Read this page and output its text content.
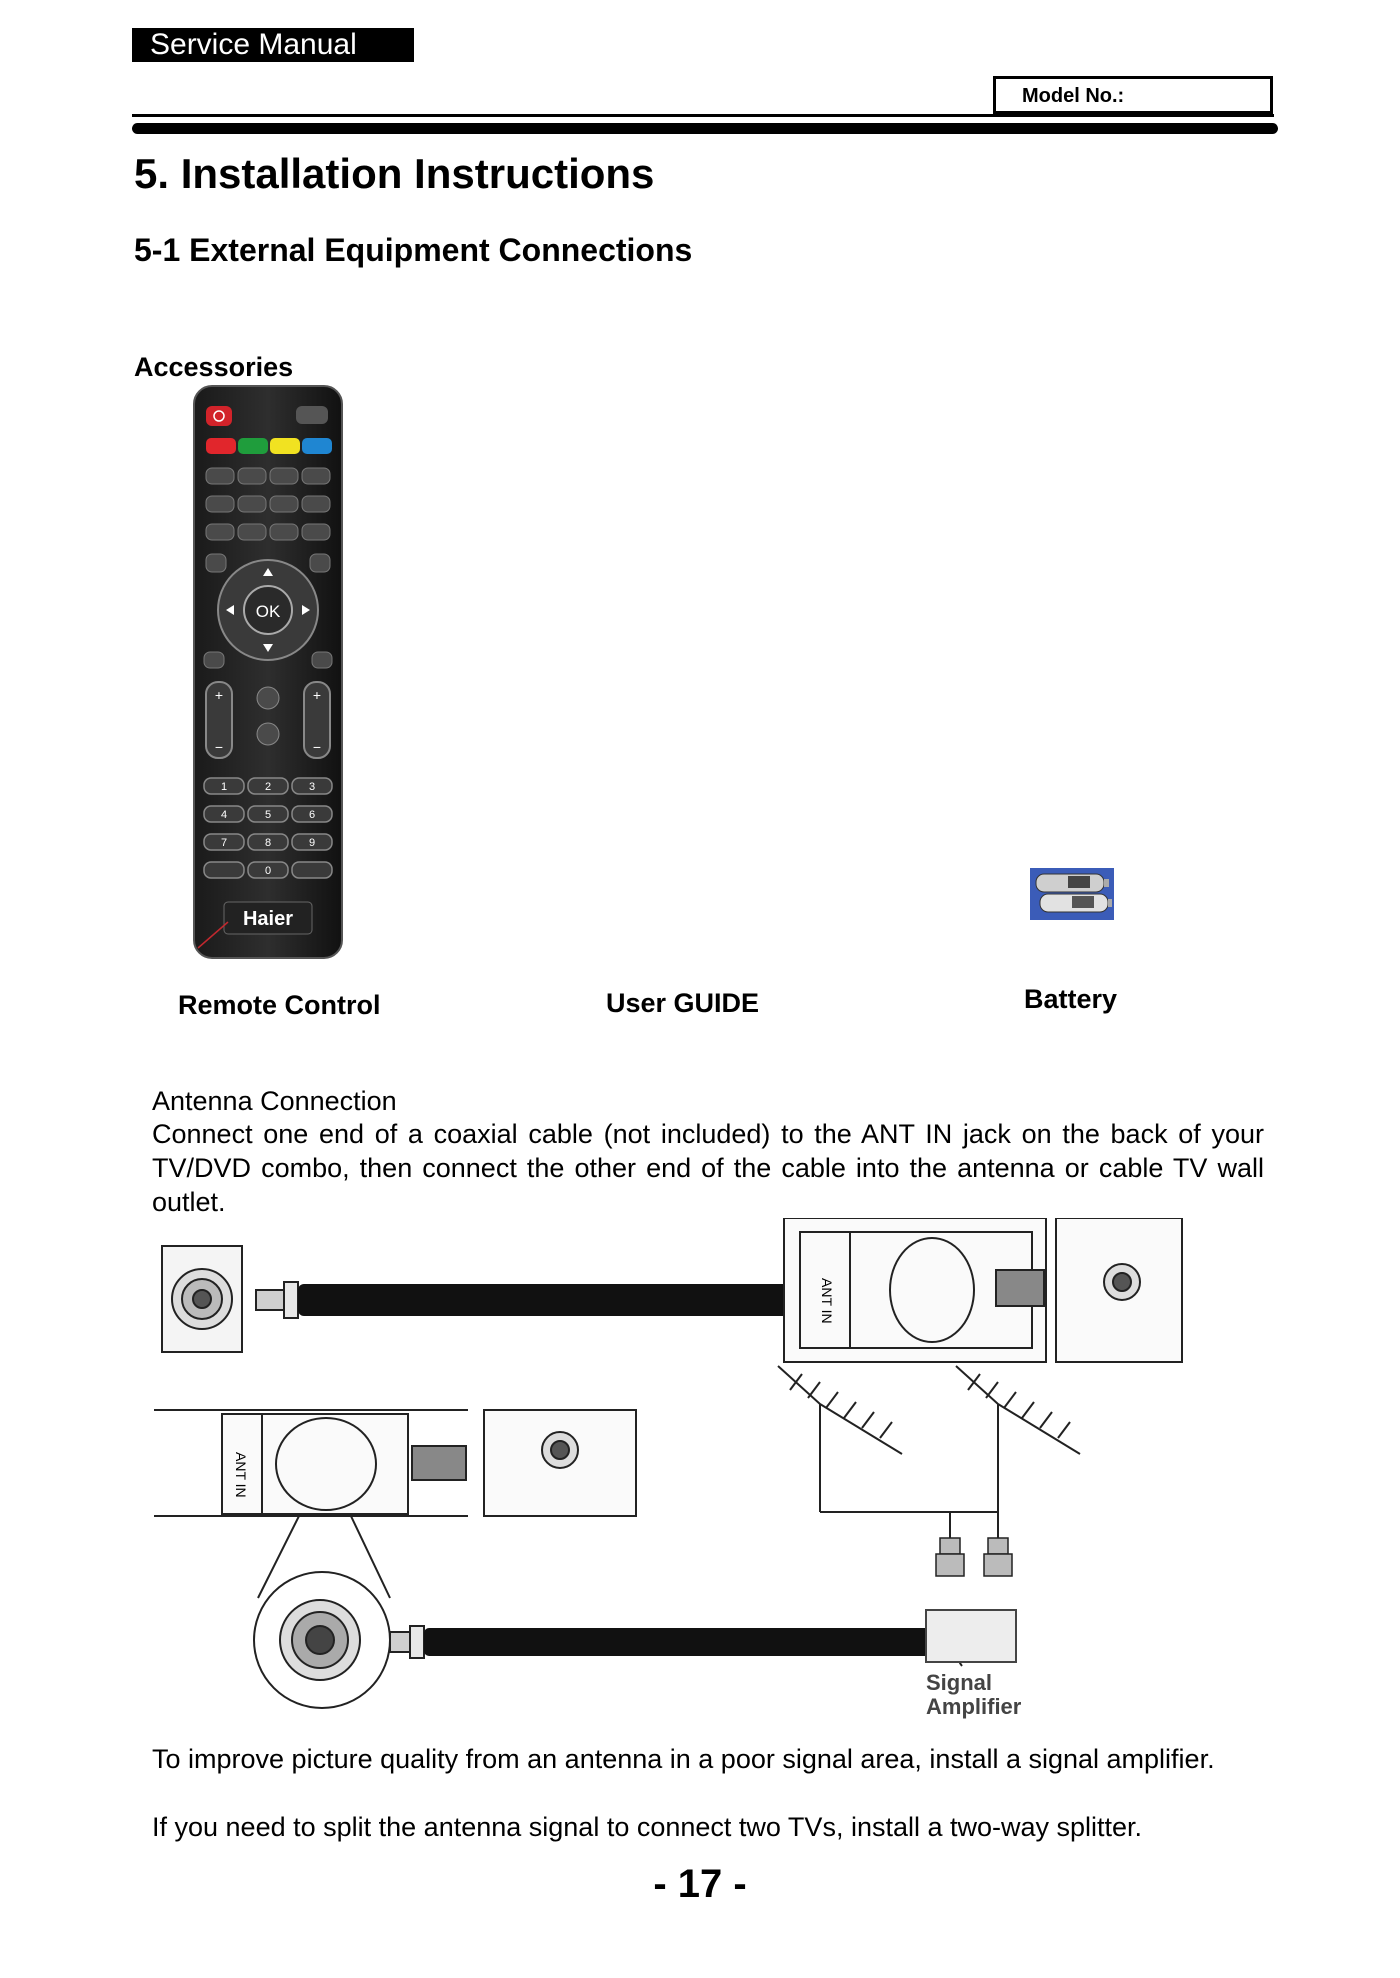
Service Manual
Model No.:
5. Installation Instructions
5-1 External Equipment Connections
Accessories
OK
+
−
+
−
1	2	3
4	5	6
7	8	9
0
Haier
Remote Control	User GUIDE	Battery
Antenna Connection
Connect one end of a coaxial cable (not included) to the ANT IN jack on the back of your TV/DVD combo, then connect the other end of the cable into the antenna or cable TV wall outlet.
ANT IN
ANT IN
Signal
Amplifier
To improve picture quality from an antenna in a poor signal area, install a signal amplifier.
If you need to split the antenna signal to connect two TVs, install a two-way splitter.
- 17 -
